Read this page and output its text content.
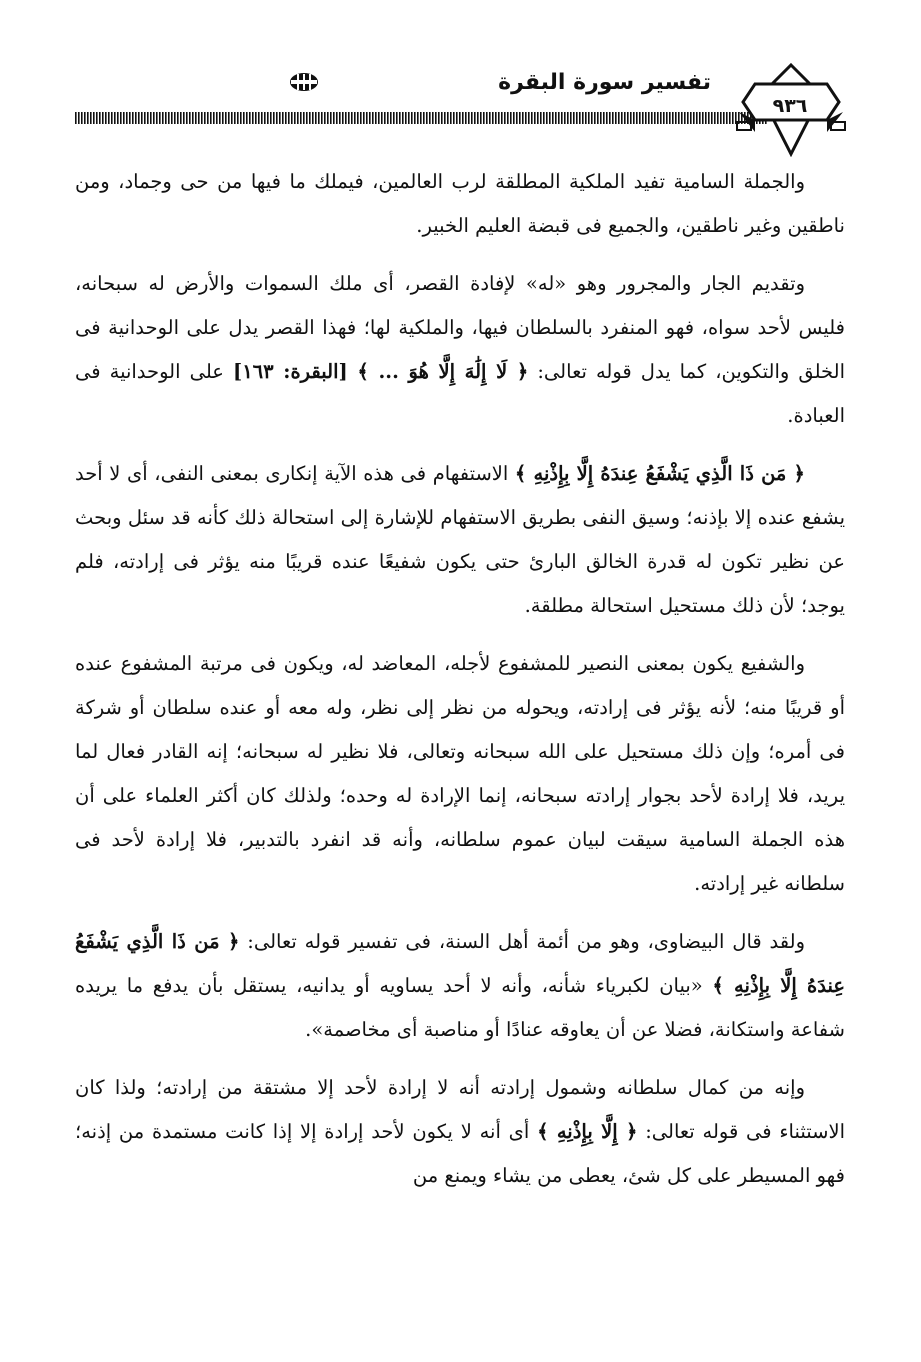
تفسير سورة البقرة
٩٣٦

والجملة السامية تفيد الملكية المطلقة لرب العالمين، فيملك ما فيها من حى وجماد، ومن ناطقين وغير ناطقين، والجميع فى قبضة العليم الخبير.

وتقديم الجار والمجرور وهو «له» لإفادة القصر، أى ملك السموات والأرض له سبحانه، فليس لأحد سواه، فهو المنفرد بالسلطان فيها، والملكية لها؛ فهذا القصر يدل على الوحدانية فى الخلق والتكوين، كما يدل قوله تعالى: ﴿ لَا إِلَٰهَ إِلَّا هُوَ ... ﴾ [البقرة: ١٦٣] على الوحدانية فى العبادة.

﴿ مَن ذَا الَّذِي يَشْفَعُ عِندَهُ إِلَّا بِإِذْنِهِ ﴾ الاستفهام فى هذه الآية إنكارى بمعنى النفى، أى لا أحد يشفع عنده إلا بإذنه؛ وسيق النفى بطريق الاستفهام للإشارة إلى استحالة ذلك كأنه قد سئل وبحث عن نظير تكون له قدرة الخالق البارئ حتى يكون شفيعًا عنده قريبًا منه يؤثر فى إرادته، فلم يوجد؛ لأن ذلك مستحيل استحالة مطلقة.

والشفيع يكون بمعنى النصير للمشفوع لأجله، المعاضد له، ويكون فى مرتبة المشفوع عنده أو قريبًا منه؛ لأنه يؤثر فى إرادته، ويحوله من نظر إلى نظر، وله معه أو عنده سلطان أو شركة فى أمره؛ وإن ذلك مستحيل على الله سبحانه وتعالى، فلا نظير له سبحانه؛ إنه القادر فعال لما يريد، فلا إرادة لأحد بجوار إرادته سبحانه، إنما الإرادة له وحده؛ ولذلك كان أكثر العلماء على أن هذه الجملة السامية سيقت لبيان عموم سلطانه، وأنه قد انفرد بالتدبير، فلا إرادة لأحد فى سلطانه غير إرادته.

ولقد قال البيضاوى، وهو من أئمة أهل السنة، فى تفسير قوله تعالى: ﴿ مَن ذَا الَّذِي يَشْفَعُ عِندَهُ إِلَّا بِإِذْنِهِ ﴾ «بيان لكبرياء شأنه، وأنه لا أحد يساويه أو يدانيه، يستقل بأن يدفع ما يريده شفاعة واستكانة، فضلا عن أن يعاوقه عنادًا أو مناصبة أى مخاصمة».

وإنه من كمال سلطانه وشمول إرادته أنه لا إرادة لأحد إلا مشتقة من إرادته؛ ولذا كان الاستثناء فى قوله تعالى: ﴿ إِلَّا بِإِذْنِهِ ﴾ أى أنه لا يكون لأحد إرادة إلا إذا كانت مستمدة من إذنه؛ فهو المسيطر على كل شئ، يعطى من يشاء ويمنع من
